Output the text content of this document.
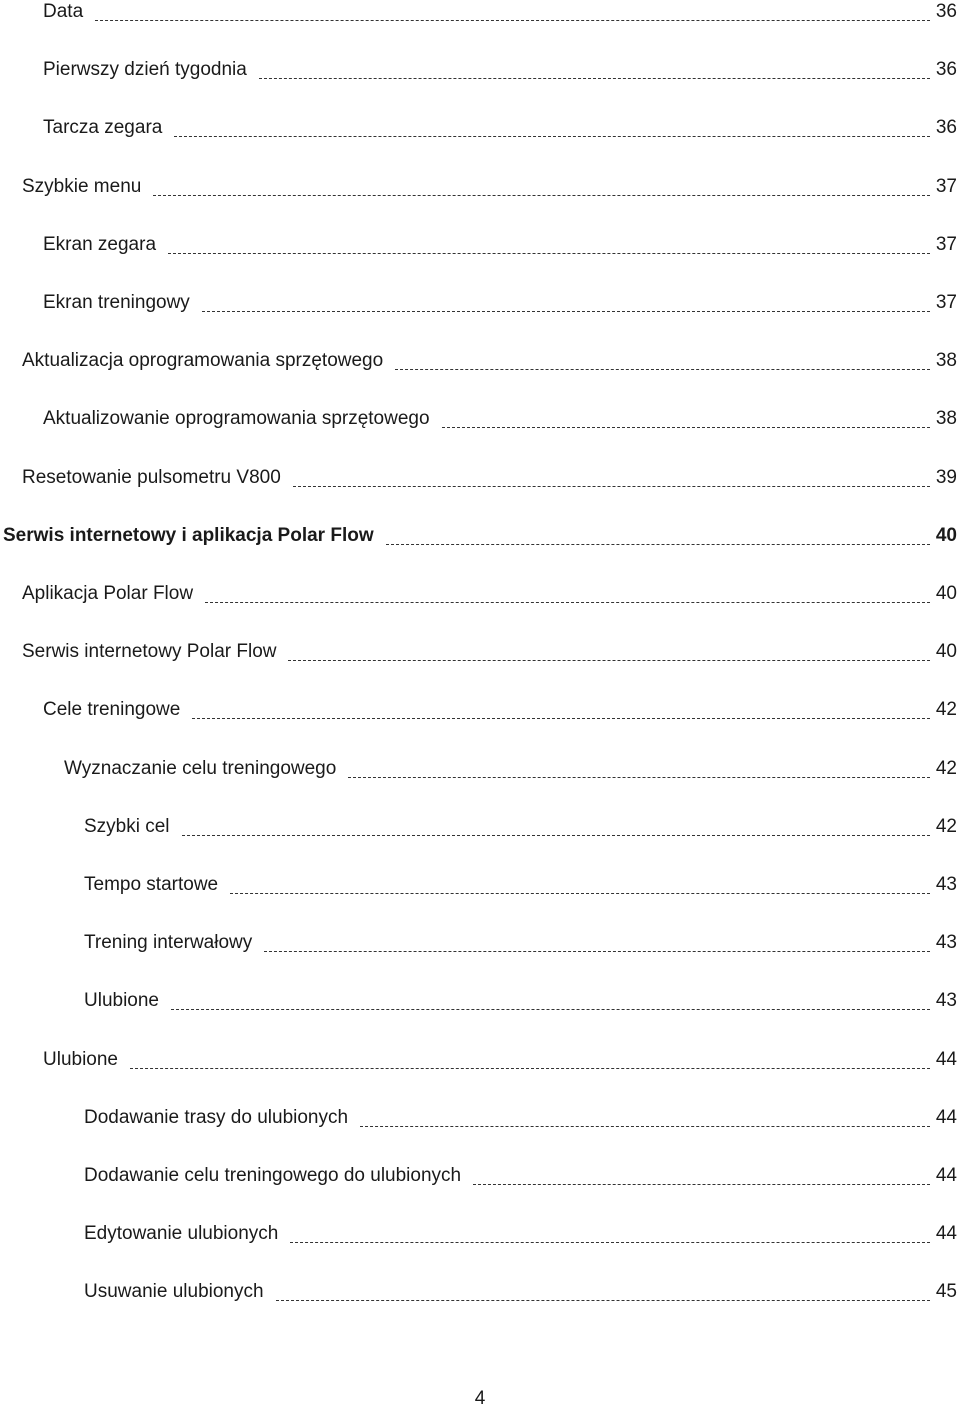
Data	36
Pierwszy dzień tygodnia	36
Tarcza zegara	36
Szybkie menu	37
Ekran zegara	37
Ekran treningowy	37
Aktualizacja oprogramowania sprzętowego	38
Aktualizowanie oprogramowania sprzętowego	38
Resetowanie pulsometru V800	39
Serwis internetowy i aplikacja Polar Flow	40
Aplikacja Polar Flow	40
Serwis internetowy Polar Flow	40
Cele treningowe	42
Wyznaczanie celu treningowego	42
Szybki cel	42
Tempo startowe	43
Trening interwałowy	43
Ulubione	43
Ulubione	44
Dodawanie trasy do ulubionych	44
Dodawanie celu treningowego do ulubionych	44
Edytowanie ulubionych	44
Usuwanie ulubionych	45
4
